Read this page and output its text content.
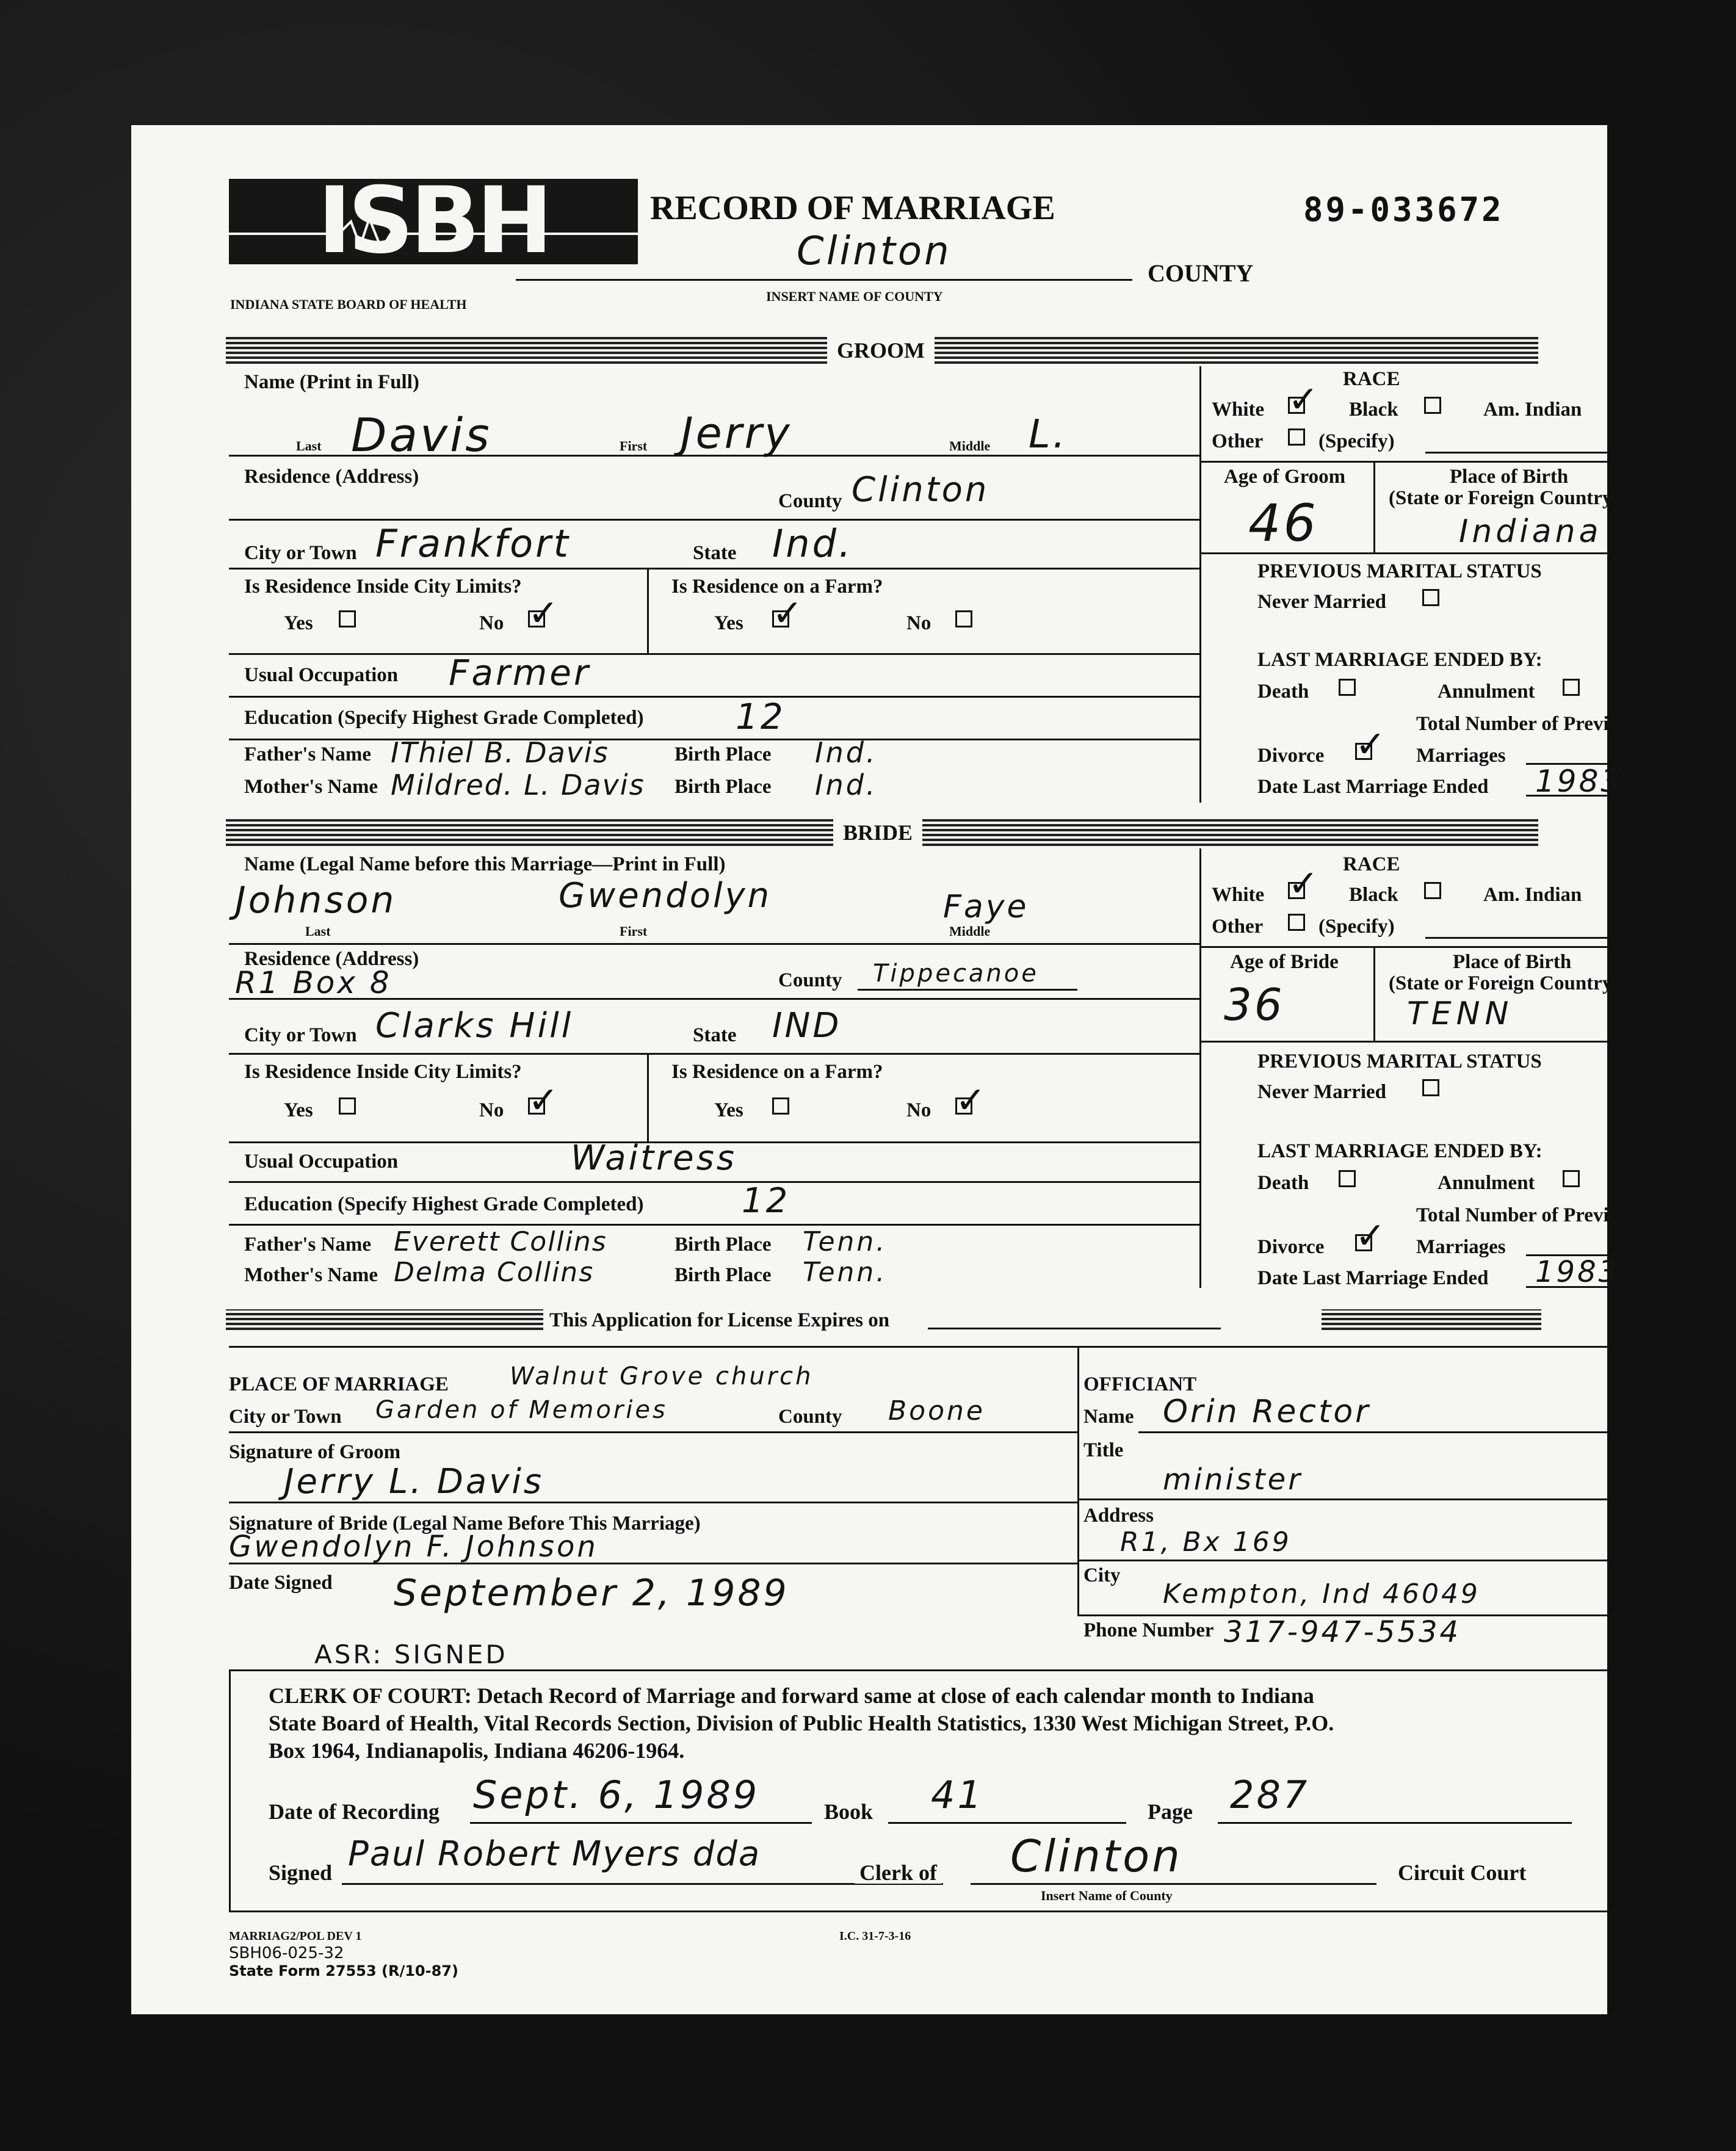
ISBH
INDIANA STATE BOARD OF HEALTH
RECORD OF MARRIAGE	89-033672
Clinton	COUNTY
INSERT NAME OF COUNTY
GROOM
Name (Print in Full)
Last Davis	First Jerry	Middle L.
Residence (Address)
County Clinton
City or Town Frankfort	State Ind.
Is Residence Inside City Limits?
Yes	No ✓
Is Residence on a Farm?
Yes ✓	No
Usual Occupation Farmer
Education (Specify Highest Grade Completed)	12
Father's Name IThiel B. Davis	Birth Place Ind.
Mother's Name Mildred. L. Davis Birth Place Ind.
RACE
White ✓ Black	Am. Indian
Other	(Specify)
Age of Groom
46
Place of Birth
(State or Foreign Country)
Indiana
PREVIOUS MARITAL STATUS
Never Married
LAST MARRIAGE ENDED BY:
Death	Annulment
Total Number of Previous
Divorce ✓ Marriages
Date Last Marriage Ended 1983
BRIDE
Name (Legal Name before this Marriage—Print in Full)
Johnson
Last
Gwendolyn
First
Faye
Middle
Residence (Address)
R1 Box 8	County Tippecanoe
City or Town Clarks Hill	State IND
Is Residence Inside City Limits?
Yes	No ✓
Is Residence on a Farm?
Yes	No ✓
Usual Occupation	Waitress
Education (Specify Highest Grade Completed)	12
Father's Name Everett Collins	Birth Place Tenn.
Mother's Name Delma Collins	Birth Place Tenn.
RACE
White ✓ Black	Am. Indian
Other	(Specify)
Age of Bride
36
Place of Birth
(State or Foreign Country)
TENN
PREVIOUS MARITAL STATUS
Never Married
LAST MARRIAGE ENDED BY:
Death	Annulment
Total Number of Previous
Divorce ✓ Marriages
Date Last Marriage Ended 1983
This Application for License Expires on
PLACE OF MARRIAGE	Walnut Grove church
City or Town Garden of Memories	County Boone
Signature of Groom
Jerry L. Davis
Signature of Bride (Legal Name Before This Marriage)
Gwendolyn F. Johnson
Date Signed September 2, 1989
OFFICIANT
Name Orin Rector
Title
minister
Address
R1, Bx 169
City
Kempton, Ind 46049
Phone Number 317-947-5534
ASR: SIGNED
CLERK OF COURT: Detach Record of Marriage and forward same at close of each calendar month to Indiana
State Board of Health, Vital Records Section, Division of Public Health Statistics, 1330 West Michigan Street, P.O.
Box 1964, Indianapolis, Indiana 46206-1964.
Date of Recording Sept. 6, 1989	Book 41	Page 287
Signed Paul Robert Myers dda	Clerk of Clinton
Insert Name of County
Circuit Court
MARRIAG2/POL DEV 1
SBH06-025-32
State Form 27553 (R/10-87)
I.C. 31-7-3-16
